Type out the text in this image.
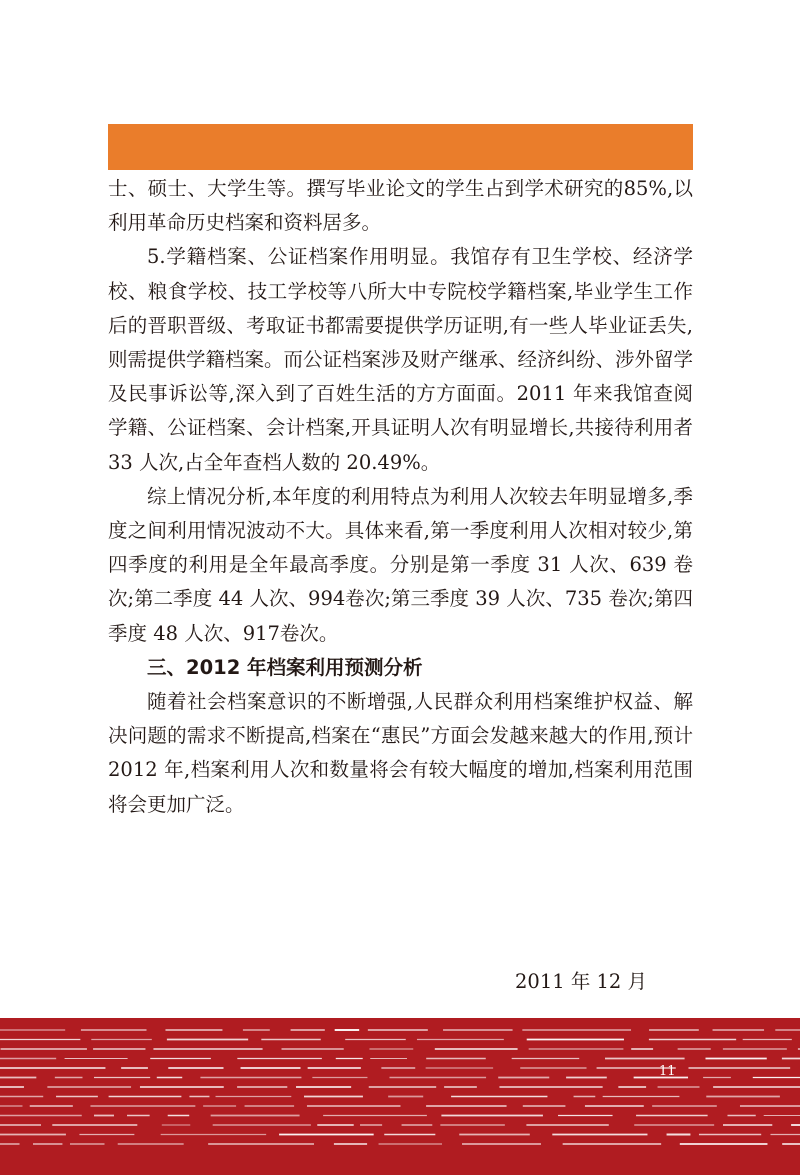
士、硕士、大学生等。撰写毕业论文的学生占到学术研究的85%,以利用革命历史档案和资料居多。

5.学籍档案、公证档案作用明显。我馆存有卫生学校、经济学校、粮食学校、技工学校等八所大中专院校学籍档案,毕业学生工作后的晋职晋级、考取证书都需要提供学历证明,有一些人毕业证丢失,则需提供学籍档案。而公证档案涉及财产继承、经济纠纷、涉外留学及民事诉讼等,深入到了百姓生活的方方面面。2011 年来我馆查阅学籍、公证档案、会计档案,开具证明人次有明显增长,共接待利用者33 人次,占全年查档人数的 20.49%。

综上情况分析,本年度的利用特点为利用人次较去年明显增多,季度之间利用情况波动不大。具体来看,第一季度利用人次相对较少,第四季度的利用是全年最高季度。分别是第一季度 31 人次、639 卷次;第二季度 44 人次、994卷次;第三季度 39 人次、735 卷次;第四季度 48 人次、917卷次。

三、2012 年档案利用预测分析

随着社会档案意识的不断增强,人民群众利用档案维护权益、解决问题的需求不断提高,档案在“惠民”方面会发越来越大的作用,预计 2012 年,档案利用人次和数量将会有较大幅度的增加,档案利用范围将会更加广泛。

2011 年 12 月
11
